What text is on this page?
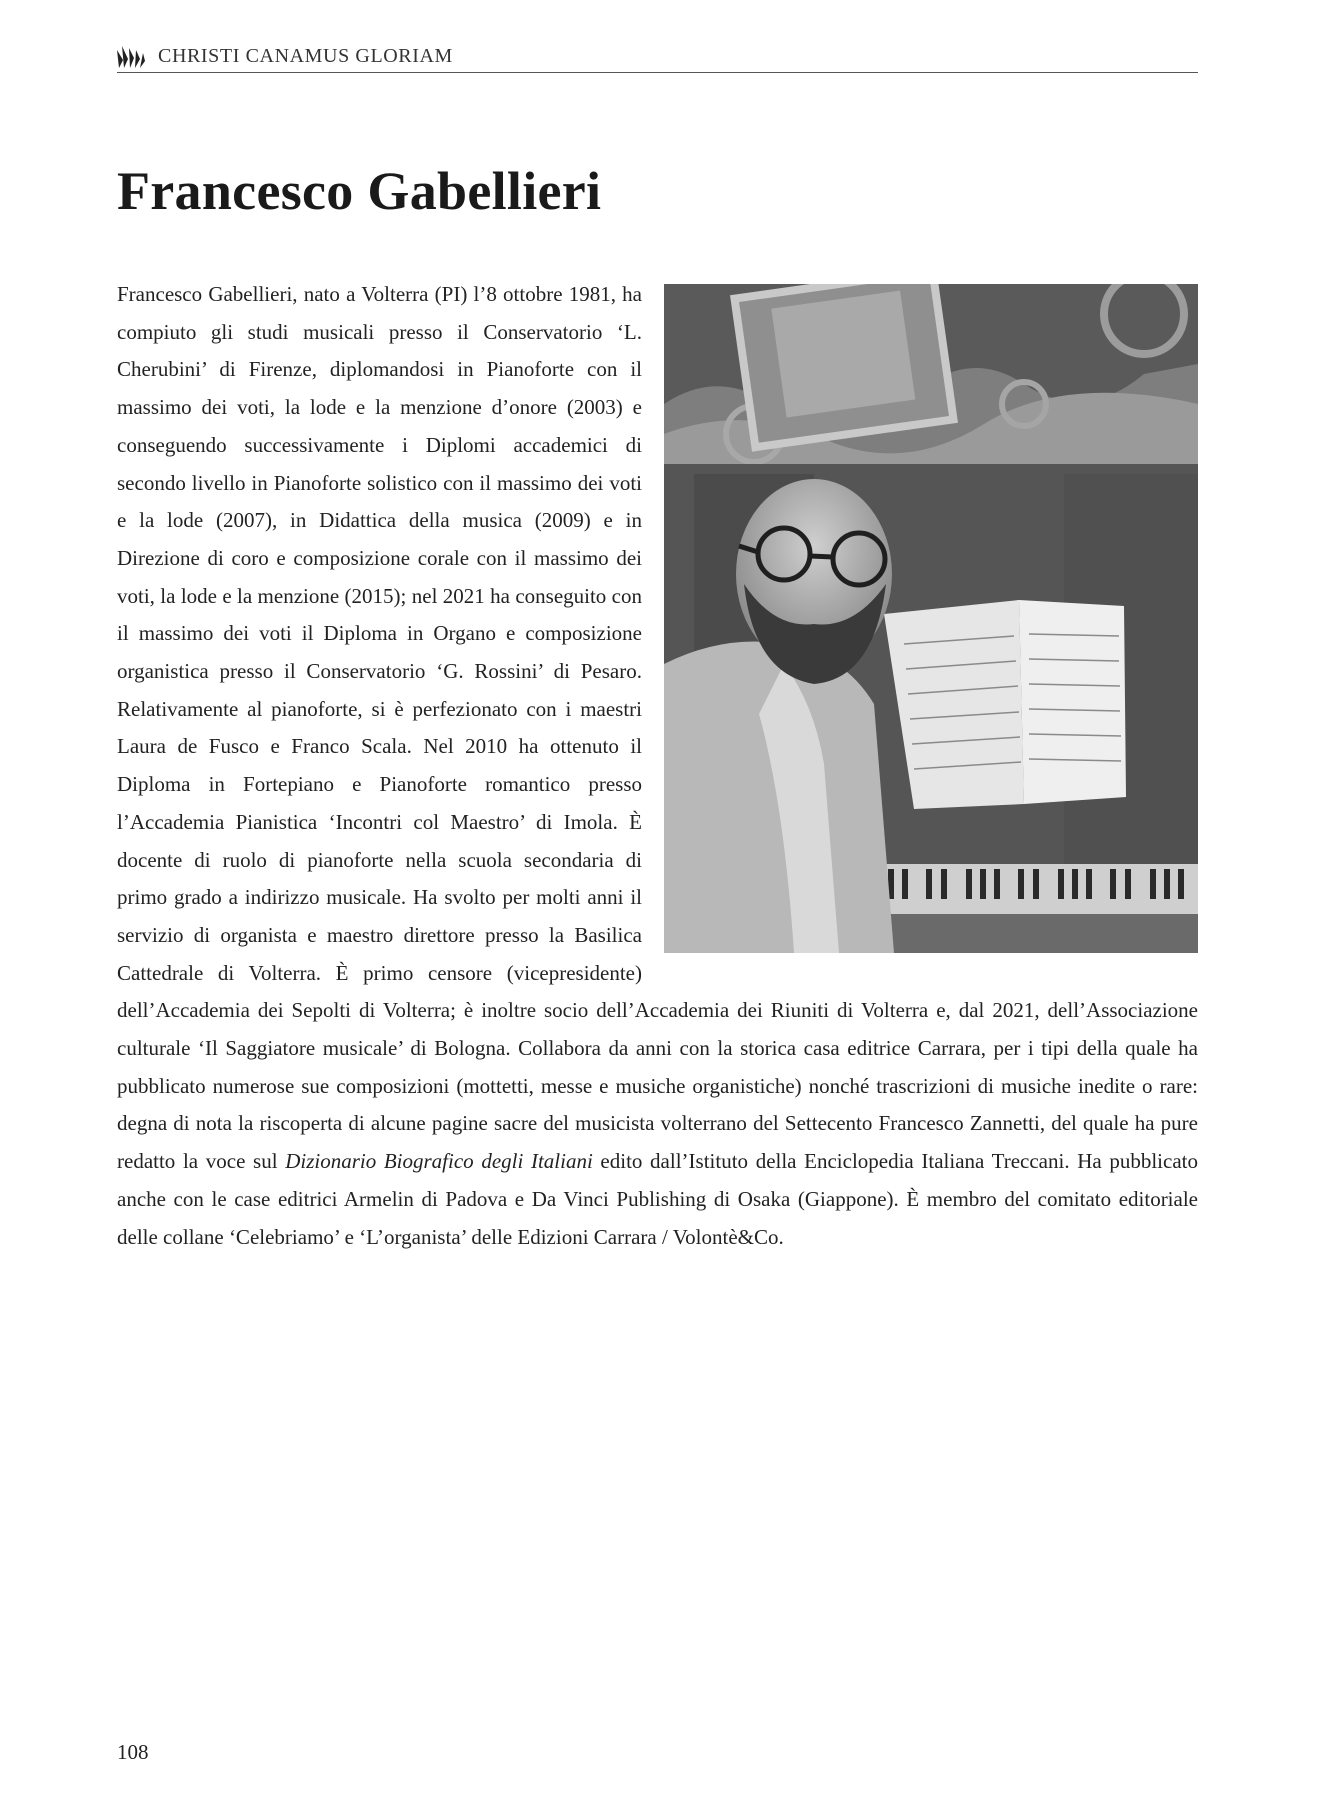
CHRISTI CANAMUS GLORIAM
Francesco Gabellieri

Francesco Gabellieri, nato a Volterra (PI) l’8 ottobre 1981, ha compiuto gli studi musicali presso il Conservatorio ‘L. Cherubini’ di Firenze, diplomandosi in Pianoforte con il massimo dei voti, la lode e la menzione d’onore (2003) e conseguendo successivamente i Diplomi accademici di secondo livello in Pianoforte solistico con il massimo dei voti e la lode (2007), in Didattica della musica (2009) e in Direzione di coro e composizione corale con il massimo dei voti, la lode e la menzione (2015); nel 2021 ha conseguito con il massimo dei voti il Diploma in Organo e composizione organistica presso il Conservatorio ‘G. Rossini’ di Pesaro. Relativamente al pianoforte, si è perfezionato con i maestri Laura de Fusco e Franco Scala. Nel 2010 ha ottenuto il Diploma in Fortepiano e Pianoforte romantico presso l’Accademia Pianistica ‘Incontri col Maestro’ di Imola. È docente di ruolo di pianoforte nella scuola secondaria di primo grado a indirizzo musicale. Ha svolto per molti anni il servizio di organista e maestro direttore presso la Basilica Cattedrale di Volterra. È primo censore (vicepresidente) dell’Accademia dei Sepolti di Volterra; è inoltre socio dell’Accademia dei Riuniti di Volterra e, dal 2021, dell’Associazione culturale ‘Il Saggiatore musicale’ di Bologna. Collabora da anni con la storica casa editrice Carrara, per i tipi della quale ha pubblicato numerose sue composizioni (mottetti, messe e musiche organistiche) nonché trascrizioni di musiche inedite o rare: degna di nota la riscoperta di alcune pagine sacre del musicista volterrano del Settecento Francesco Zannetti, del quale ha pure redatto la voce sul Dizionario Biografico degli Italiani edito dall’Istituto della Enciclopedia Italiana Treccani. Ha pubblicato anche con le case editrici Armelin di Padova e Da Vinci Publishing di Osaka (Giappone). È membro del comitato editoriale delle collane ‘Celebriamo’ e ‘L’organista’ delle Edizioni Carrara / Volontè&Co.

108
